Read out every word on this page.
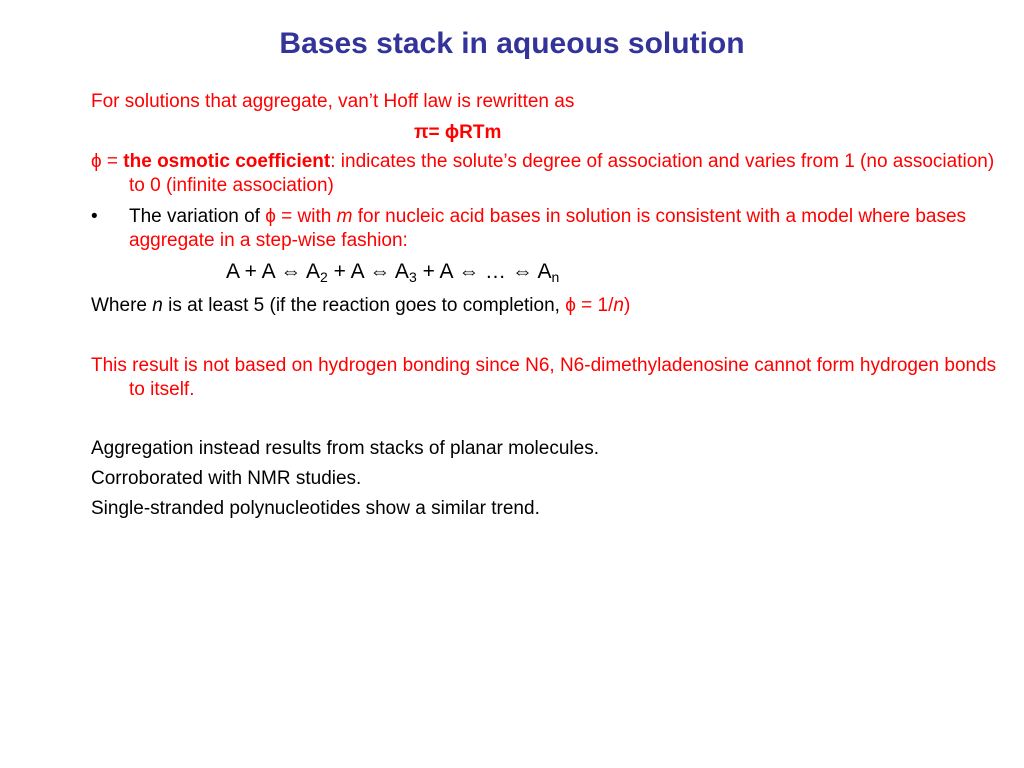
Bases stack in aqueous solution

For solutions that aggregate, van’t Hoff law is rewritten as

π= ϕRTm

ϕ = the osmotic coefficient: indicates the solute’s degree of association and varies from 1 (no association) to 0 (infinite association)

• The variation of ϕ = with m for nucleic acid bases in solution is consistent with a model where bases aggregate in a step-wise fashion:

A + A ⇔ $A_2 + A$ ⇔ $A_3 + A$ ⇔ … ⇔ $A_n$

Where n is at least 5 (if the reaction goes to completion, ϕ = 1/n)

This result is not based on hydrogen bonding since N6, N6-dimethyladenosine cannot form hydrogen bonds to itself.

Aggregation instead results from stacks of planar molecules.

Corroborated with NMR studies.

Single-stranded polynucleotides show a similar trend.
